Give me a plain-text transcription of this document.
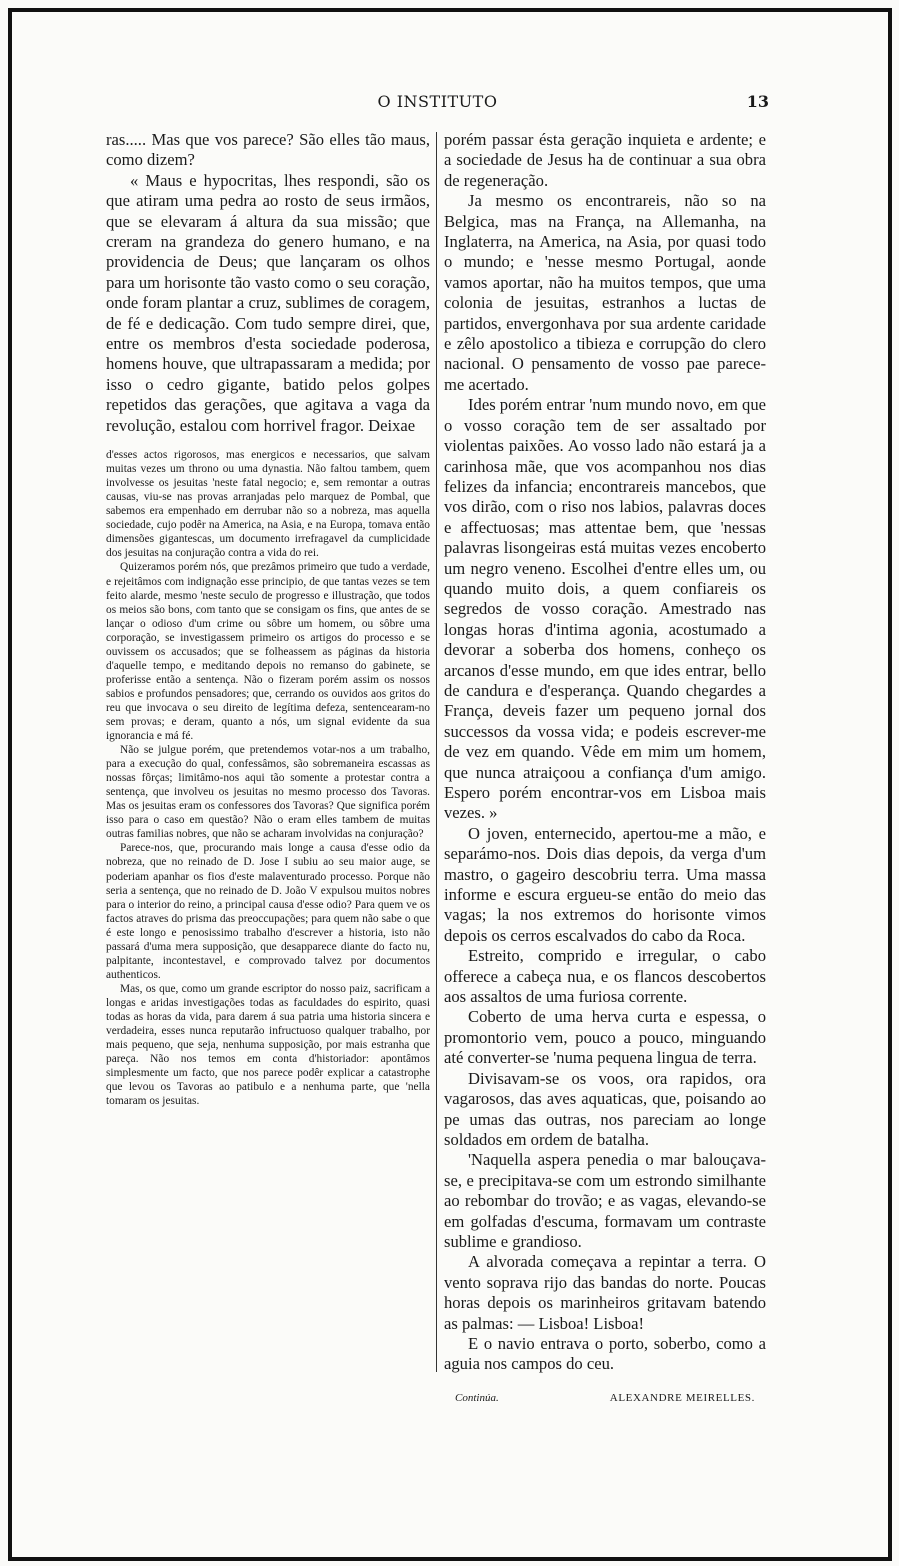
O INSTITUTO	13

ras..... Mas que vos parece? São elles tão maus, como dizem?

« Maus e hypocritas, lhes respondi, são os que atiram uma pedra ao rosto de seus irmãos, que se elevaram á altura da sua missão; que creram na grandeza do genero humano, e na providencia de Deus; que lançaram os olhos para um horisonte tão vasto como o seu coração, onde foram plantar a cruz, sublimes de coragem, de fé e dedicação. Com tudo sempre direi, que, entre os membros d'esta sociedade poderosa, homens houve, que ultrapassaram a medida; por isso o cedro gigante, batido pelos golpes repetidos das gerações, que agitava a vaga da revolução, estalou com horrivel fragor. Deixae

d'esses actos rigorosos, mas energicos e necessarios, que salvam muitas vezes um throno ou uma dynastia. Não faltou tambem, quem involvesse os jesuitas 'neste fatal negocio; e, sem remontar a outras causas, viu-se nas provas arranjadas pelo marquez de Pombal, que sabemos era empenhado em derrubar não so a nobreza, mas aquella sociedade, cujo podêr na America, na Asia, e na Europa, tomava então dimensões gigantescas, um documento irrefragavel da cumplicidade dos jesuitas na conjuração contra a vida do rei.

Quizeramos porém nós, que prezâmos primeiro que tudo a verdade, e rejeitâmos com indignação esse principio, de que tantas vezes se tem feito alarde, mesmo 'neste seculo de progresso e illustração, que todos os meios são bons, com tanto que se consigam os fins, que antes de se lançar o odioso d'um crime ou sôbre um homem, ou sôbre uma corporação, se investigassem primeiro os artigos do processo e se ouvissem os accusados; que se folheassem as páginas da historia d'aquelle tempo, e meditando depois no remanso do gabinete, se proferisse então a sentença. Não o fizeram porém assim os nossos sabios e profundos pensadores; que, cerrando os ouvidos aos gritos do reu que invocava o seu direito de legítima defeza, sentencearam-no sem provas; e deram, quanto a nós, um signal evidente da sua ignorancia e má fé.

Não se julgue porém, que pretendemos votar-nos a um trabalho, para a execução do qual, confessâmos, são sobremaneira escassas as nossas fôrças; limitâmo-nos aqui tão somente a protestar contra a sentença, que involveu os jesuitas no mesmo processo dos Tavoras. Mas os jesuitas eram os confessores dos Tavoras? Que significa porém isso para o caso em questão? Não o eram elles tambem de muitas outras familias nobres, que não se acharam involvidas na conjuração?

Parece-nos, que, procurando mais longe a causa d'esse odio da nobreza, que no reinado de D. Jose I subiu ao seu maior auge, se poderiam apanhar os fios d'este malaventurado processo. Porque não seria a sentença, que no reinado de D. João V expulsou muitos nobres para o interior do reino, a principal causa d'esse odio? Para quem ve os factos atraves do prisma das preoccupações; para quem não sabe o que é este longo e penosissimo trabalho d'escrever a historia, isto não passará d'uma mera supposição, que desapparece diante do facto nu, palpitante, incontestavel, e comprovado talvez por documentos authenticos.

Mas, os que, como um grande escriptor do nosso paiz, sacrificam a longas e aridas investigações todas as faculdades do espirito, quasi todas as horas da vida, para darem á sua patria uma historia sincera e verdadeira, esses nunca reputarão infructuoso qualquer trabalho, por mais pequeno, que seja, nenhuma supposição, por mais estranha que pareça. Não nos temos em conta d'historiador: apontâmos simplesmente um facto, que nos parece podêr explicar a catastrophe que levou os Tavoras ao patibulo e a nenhuma parte, que 'nella tomaram os jesuitas.

porém passar ésta geração inquieta e ardente; e a sociedade de Jesus ha de continuar a sua obra de regeneração.

Ja mesmo os encontrareis, não so na Belgica, mas na França, na Allemanha, na Inglaterra, na America, na Asia, por quasi todo o mundo; e 'nesse mesmo Portugal, aonde vamos aportar, não ha muitos tempos, que uma colonia de jesuitas, estranhos a luctas de partidos, envergonhava por sua ardente caridade e zêlo apostolico a tibieza e corrupção do clero nacional. O pensamento de vosso pae parece-me acertado.

Ides porém entrar 'num mundo novo, em que o vosso coração tem de ser assaltado por violentas paixões. Ao vosso lado não estará ja a carinhosa mãe, que vos acompanhou nos dias felizes da infancia; encontrareis mancebos, que vos dirão, com o riso nos labios, palavras doces e affectuosas; mas attentae bem, que 'nessas palavras lisongeiras está muitas vezes encoberto um negro veneno. Escolhei d'entre elles um, ou quando muito dois, a quem confiareis os segredos de vosso coração. Amestrado nas longas horas d'intima agonia, acostumado a devorar a soberba dos homens, conheço os arcanos d'esse mundo, em que ides entrar, bello de candura e d'esperança. Quando chegardes a França, deveis fazer um pequeno jornal dos successos da vossa vida; e podeis escrever-me de vez em quando. Vêde em mim um homem, que nunca atraiçoou a confiança d'um amigo. Espero porém encontrar-vos em Lisboa mais vezes. »

O joven, enternecido, apertou-me a mão, e separámo-nos. Dois dias depois, da verga d'um mastro, o gageiro descobriu terra. Uma massa informe e escura ergueu-se então do meio das vagas; la nos extremos do horisonte vimos depois os cerros escalvados do cabo da Roca.

Estreito, comprido e irregular, o cabo offerece a cabeça nua, e os flancos descobertos aos assaltos de uma furiosa corrente.

Coberto de uma herva curta e espessa, o promontorio vem, pouco a pouco, minguando até converter-se 'numa pequena lingua de terra.

Divisavam-se os voos, ora rapidos, ora vagarosos, das aves aquaticas, que, poisando ao pe umas das outras, nos pareciam ao longe soldados em ordem de batalha.

'Naquella aspera penedia o mar balouçava-se, e precipitava-se com um estrondo similhante ao rebombar do trovão; e as vagas, elevando-se em golfadas d'escuma, formavam um contraste sublime e grandioso.

A alvorada começava a repintar a terra. O vento soprava rijo das bandas do norte. Poucas horas depois os marinheiros gritavam batendo as palmas: — Lisboa! Lisboa!

E o navio entrava o porto, soberbo, como a aguia nos campos do ceu.

Continúa.	ALEXANDRE MEIRELLES.
